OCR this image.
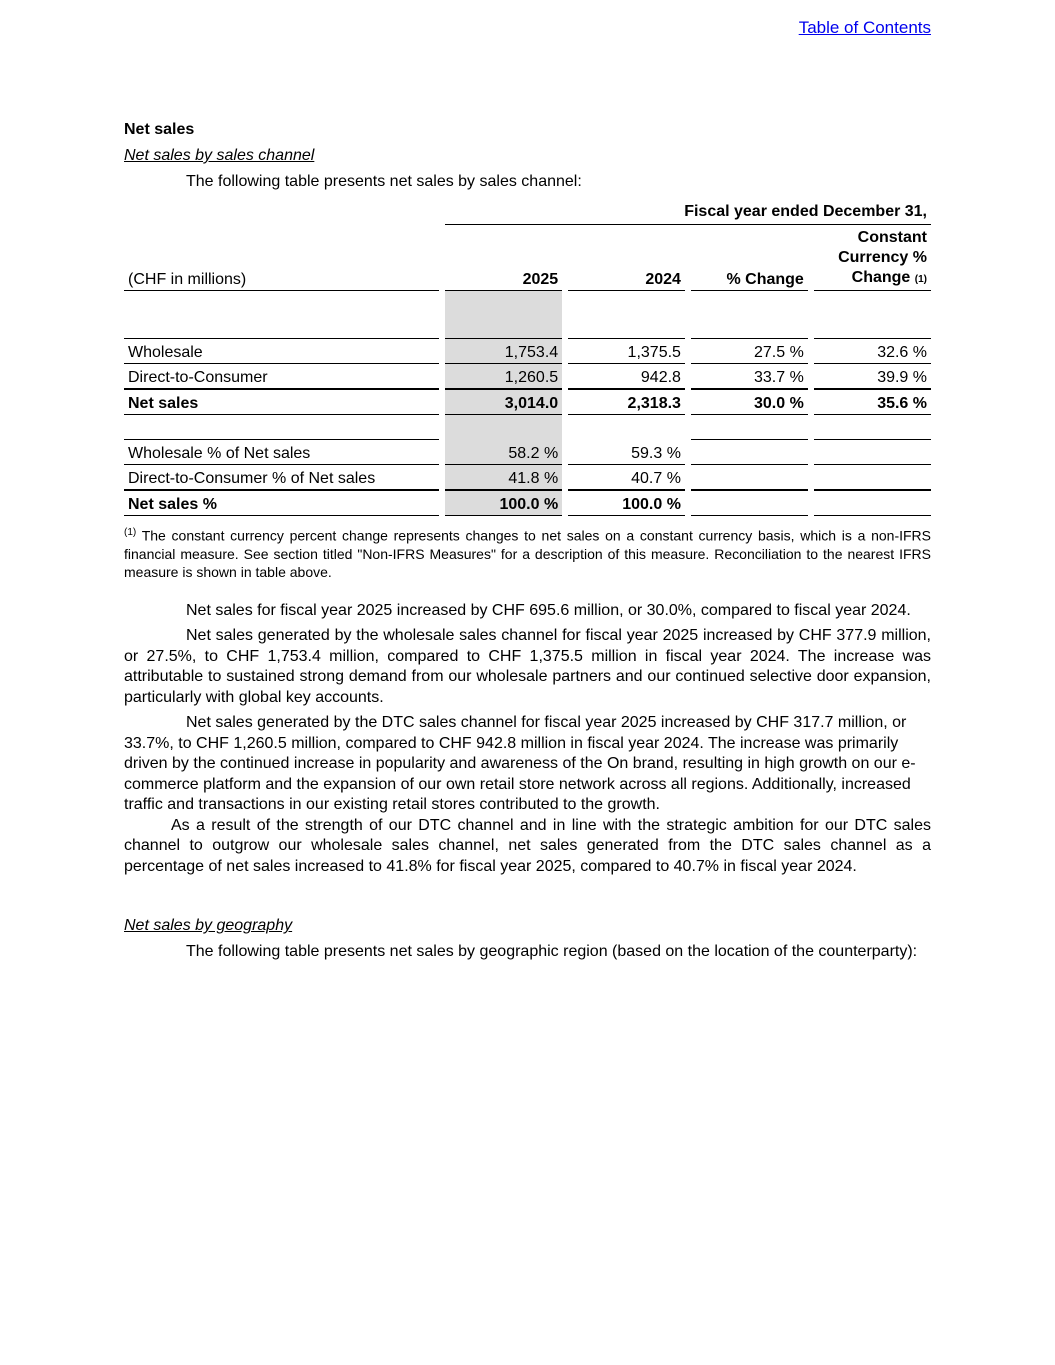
Table of Contents
Net sales
Net sales by sales channel
The following table presents net sales by sales channel:
		Fiscal year ended December 31,						
(CHF in millions)		2025		2024		% Change		Constant
Currency %
Change (1)

Wholesale		1,753.4		1,375.5		27.5 %		32.6 %
Direct-to-Consumer		1,260.5		942.8		33.7 %		39.9 %
Net sales		3,014.0		2,318.3		30.0 %		35.6 %

Wholesale % of Net sales		58.2 %		59.3 %				
Direct-to-Consumer % of Net sales		41.8 %		40.7 %				
Net sales %		100.0 %		100.0 %				

$^{(1)}$ The constant currency percent change represents changes to net sales on a constant currency basis, which is a non-IFRS financial measure. See section titled "Non-IFRS Measures" for a description of this measure. Reconciliation to the nearest IFRS measure is shown in table above.

Net sales for fiscal year 2025 increased by CHF 695.6 million, or 30.0%, compared to fiscal year 2024.

Net sales generated by the wholesale sales channel for fiscal year 2025 increased by CHF 377.9 million, or 27.5%, to CHF 1,753.4 million, compared to CHF 1,375.5 million in fiscal year 2024. The increase was attributable to sustained strong demand from our wholesale partners and our continued selective door expansion, particularly with global key accounts.

Net sales generated by the DTC sales channel for fiscal year 2025 increased by CHF 317.7 million, or 33.7%, to CHF 1,260.5 million, compared to CHF 942.8 million in fiscal year 2024. The increase was primarily driven by the continued increase in popularity and awareness of the On brand, resulting in high growth on our e-commerce platform and the expansion of our own retail store network across all regions. Additionally, increased traffic and transactions in our existing retail stores contributed to the growth.

As a result of the strength of our DTC channel and in line with the strategic ambition for our DTC sales channel to outgrow our wholesale sales channel, net sales generated from the DTC sales channel as a percentage of net sales increased to 41.8% for fiscal year 2025, compared to 40.7% in fiscal year 2024.

Net sales by geography

The following table presents net sales by geographic region (based on the location of the counterparty):
